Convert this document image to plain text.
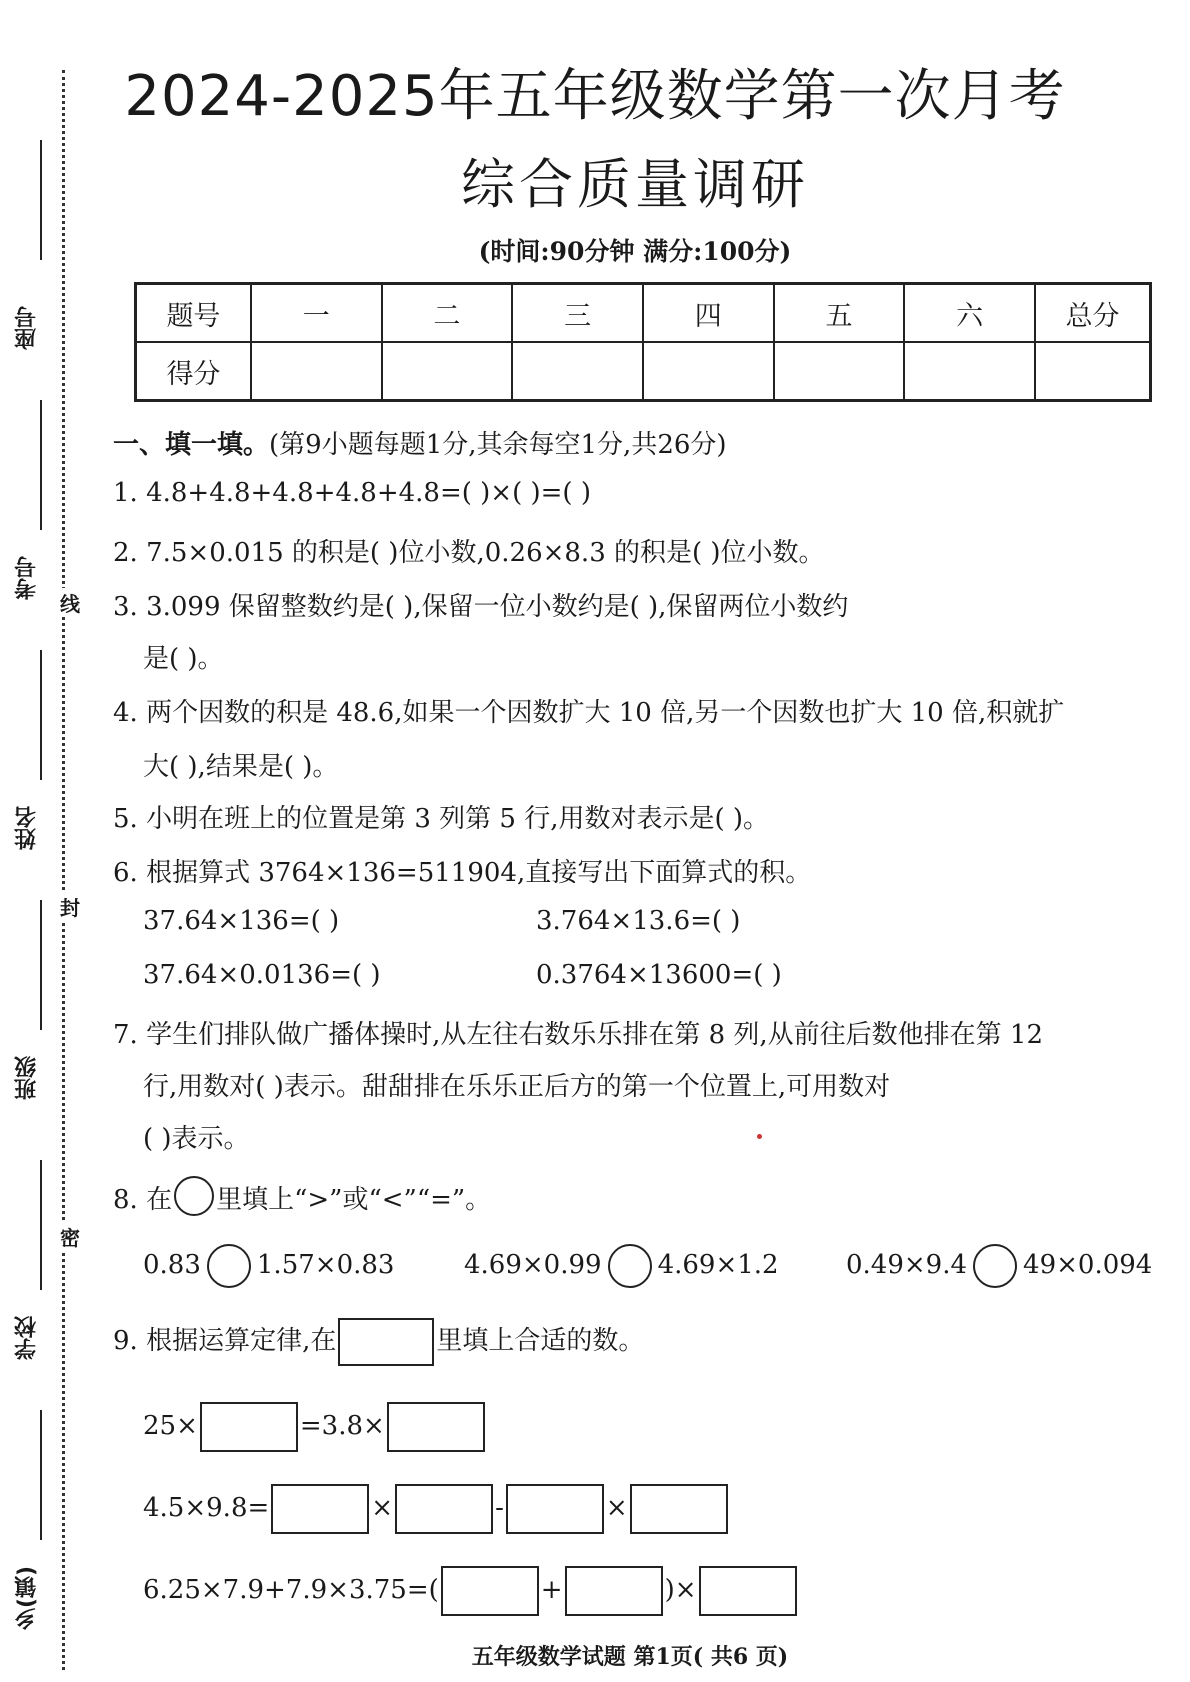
座号
考号
姓名
班级
学校
乡(镇)
线
封
密
2024-2025年五年级数学第一次月考
综合质量调研
(时间:90分钟 满分:100分)
题号	一	二	三	四	五	六	总分
得分							
一、填一填。(第9小题每题1分,其余每空1分,共26分)
1. 4.8+4.8+4.8+4.8+4.8=( )×( )=( )
2. 7.5×0.015 的积是( )位小数,0.26×8.3 的积是( )位小数。
3. 3.099 保留整数约是( ),保留一位小数约是( ),保留两位小数约
是( )。
4. 两个因数的积是 48.6,如果一个因数扩大 10 倍,另一个因数也扩大 10 倍,积就扩
大( ),结果是( )。
5. 小明在班上的位置是第 3 列第 5 行,用数对表示是( )。
6. 根据算式 3764×136=511904,直接写出下面算式的积。
37.64×136=( )	3.764×13.6=( )
37.64×0.0136=( )	0.3764×13600=( )
7. 学生们排队做广播体操时,从左往右数乐乐排在第 8 列,从前往后数他排在第 12
行,用数对( )表示。甜甜排在乐乐正后方的第一个位置上,可用数对
( )表示。
8. 在 里填上“>”或“<”“=”。
0.83 1.57×0.83	4.69×0.99 4.69×1.2	0.49×9.4 49×0.094
9. 根据运算定律,在	里填上合适的数。
25×	=3.8×
4.5×9.8=	×	-	×
6.25×7.9+7.9×3.75=(	+	)×
五年级数学试题 第1页( 共6 页)
